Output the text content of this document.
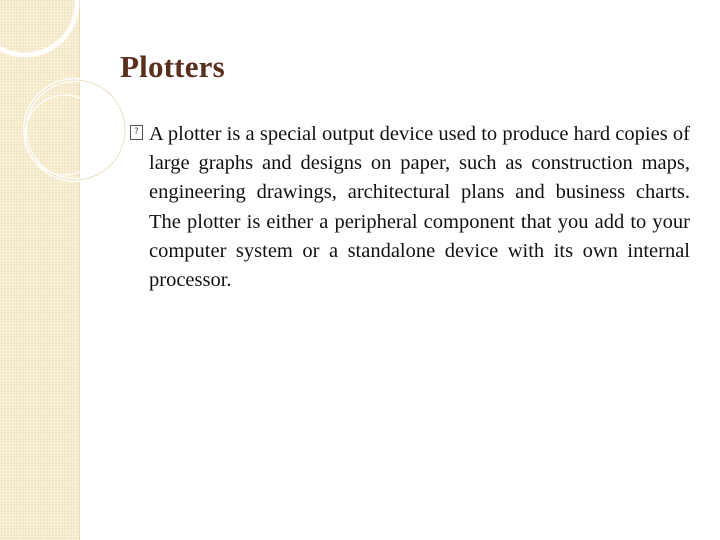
Plotters
? A plotter is a special output device used to produce hard copies of large graphs and designs on paper, such as construction maps, engineering drawings, architectural plans and business charts. The plotter is either a peripheral component that you add to your computer system or a standalone device with its own internal processor.
